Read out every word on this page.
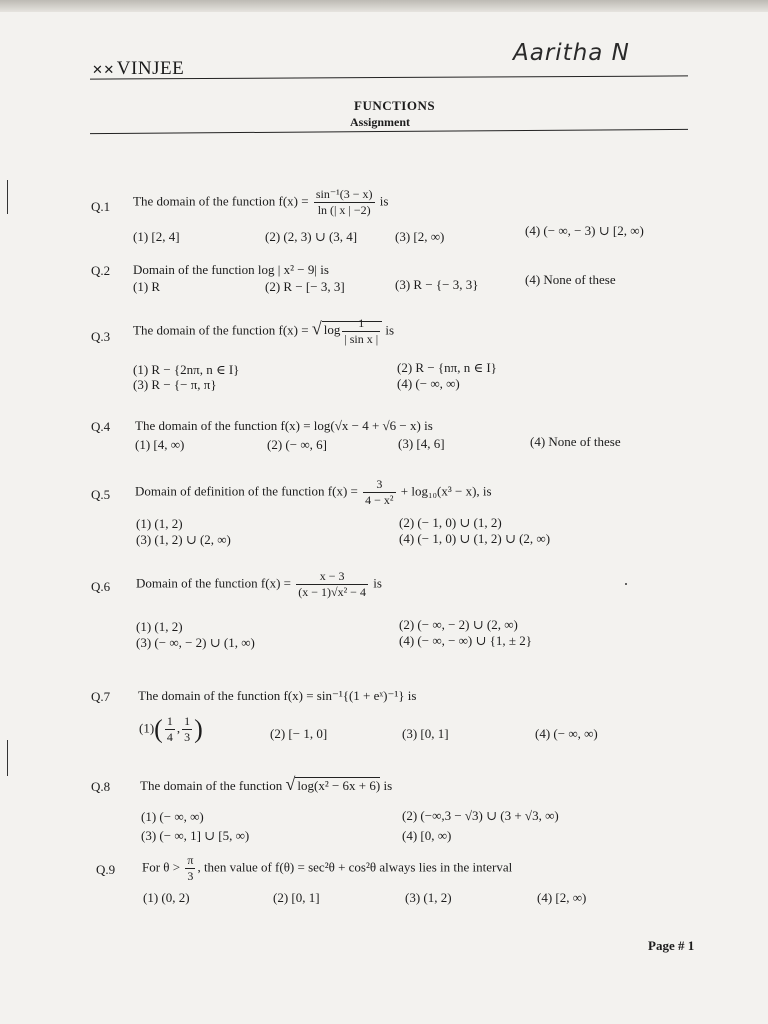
✕✕ VINJEE
Aaritha N
FUNCTIONS
Assignment
Q.1 The domain of the function $f(x) = \frac{\text{sin⁻¹(3 − x)}}{\ln (| x | -2)}$ is
(1) [2, 4]	(2) (2, 3) ∪ (3, 4]	(3) [2, ∞)	(4) (− ∞, − 3) ∪ [2, ∞)
Q.2 Domain of the function log | x² − 9| is
(1) R	(2) R − [− 3, 3]	(3) R − {− 3, 3}	(4) None of these
Q.3 The domain of the function f(x) = √ $\log \frac{1}{\text{| sin x |}}$ is
(1) R − {2nπ, n ∈ I}	(2) R − {nπ, n ∈ I}
(3) R − {− π, π}	(4) (− ∞, ∞)
Q.4 The domain of the function f(x) = log(√x − 4 + √6 − x) is
(1) [4, ∞)	(2) (− ∞, 6]	(3) [4, 6]	(4) None of these
Q.5 Domain of definition of the function $f(x) = \frac{3}{\text{4 − x²}} + \log_{10}(x^3 - x)$, is
(1) (1, 2)	(2) (− 1, 0) ∪ (1, 2)
(3) (1, 2) ∪ (2, ∞)	(4) (− 1, 0) ∪ (1, 2) ∪ (2, ∞)
Q.6 Domain of the function $f(x) = \frac{x - 3}{\text{(x − 1)√x² − 4}}$ is
(1) (1, 2)	(2) (− ∞, − 2) ∪ (2, ∞)
(3) (− ∞, − 2) ∪ (1, ∞)	(4) (− ∞, − ∞) ∪ {1, ± 2}
Q.7 The domain of the function f(x) = sin⁻¹{(1 + eˣ)⁻¹} is
$(1)( \frac{1}{4}$ , $\frac{1}{3}$ )	(2) [− 1, 0]	(3) [0, 1]	(4) (− ∞, ∞)
Q.8 The domain of the function √ log(x² − 6x + 6) is
(1) (− ∞, ∞)	(2) (−∞,3 − √3) ∪ (3 + √3, ∞)
(3) (− ∞, 1] ∪ [5, ∞)	(4) [0, ∞)
Q.9 For $\theta > \frac{\pi}{3}$ , then value of f(θ) = sec²θ + cos²θ always lies in the interval
(1) (0, 2)	(2) [0, 1]	(3) (1, 2)	(4) [2, ∞)
Page # 1
